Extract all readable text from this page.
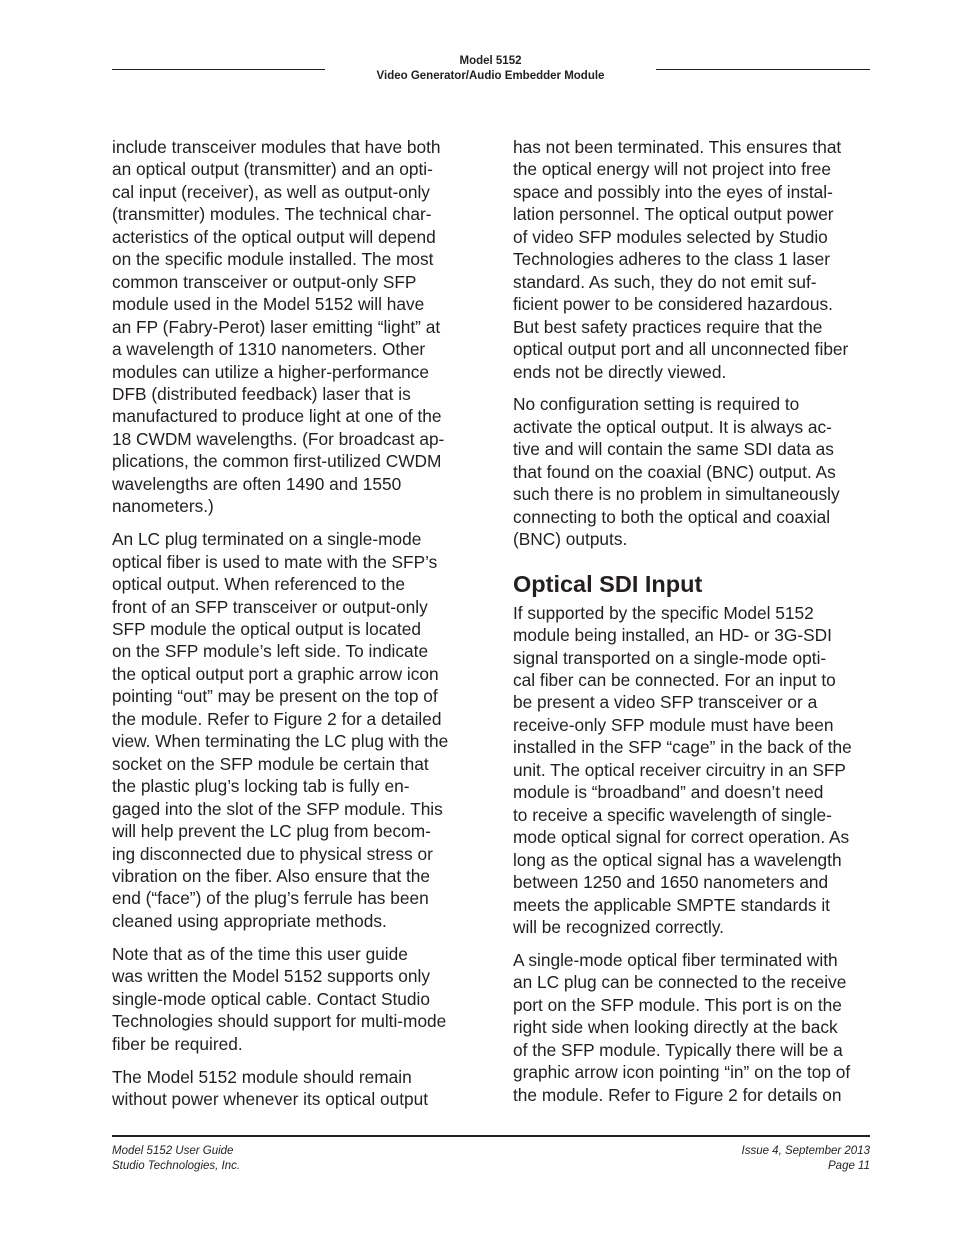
Model 5152
Video Generator/Audio Embedder Module

include transceiver modules that have both
an optical output (transmitter) and an opti-
cal input (receiver), as well as output-only
(transmitter) modules. The technical char-
acteristics of the optical output will depend
on the specific module installed. The most
common transceiver or output-only SFP
module used in the Model 5152 will have
an FP (Fabry-Perot) laser emitting “light” at
a wavelength of 1310 nanometers. Other
modules can utilize a higher-performance
DFB (distributed feedback) laser that is
manufactured to produce light at one of the
18 CWDM wavelengths. (For broadcast ap-
plications, the common first-utilized CWDM
wavelengths are often 1490 and 1550
nanometers.)

An LC plug terminated on a single-mode
optical fiber is used to mate with the SFP’s
optical output. When referenced to the
front of an SFP transceiver or output-only
SFP module the optical output is located
on the SFP module’s left side. To indicate
the optical output port a graphic arrow icon
pointing “out” may be present on the top of
the module. Refer to Figure 2 for a detailed
view. When terminating the LC plug with the
socket on the SFP module be certain that
the plastic plug’s locking tab is fully en-
gaged into the slot of the SFP module. This
will help prevent the LC plug from becom-
ing disconnected due to physical stress or
vibration on the fiber. Also ensure that the
end (“face”) of the plug’s ferrule has been
cleaned using appropriate methods.

Note that as of the time this user guide
was written the Model 5152 supports only
single-mode optical cable. Contact Studio
Technologies should support for multi-mode
fiber be required.

The Model 5152 module should remain
without power whenever its optical output

has not been terminated. This ensures that
the optical energy will not project into free
space and possibly into the eyes of instal-
lation personnel. The optical output power
of video SFP modules selected by Studio
Technologies adheres to the class 1 laser
standard. As such, they do not emit suf-
ficient power to be considered hazardous.
But best safety practices require that the
optical output port and all unconnected fiber
ends not be directly viewed.

No configuration setting is required to
activate the optical output. It is always ac-
tive and will contain the same SDI data as
that found on the coaxial (BNC) output. As
such there is no problem in simultaneously
connecting to both the optical and coaxial
(BNC) outputs.

Optical SDI Input

If supported by the specific Model 5152
module being installed, an HD- or 3G-SDI
signal transported on a single-mode opti-
cal fiber can be connected. For an input to
be present a video SFP transceiver or a
receive-only SFP module must have been
installed in the SFP “cage” in the back of the
unit. The optical receiver circuitry in an SFP
module is “broadband” and doesn’t need
to receive a specific wavelength of single-
mode optical signal for correct operation. As
long as the optical signal has a wavelength
between 1250 and 1650 nanometers and
meets the applicable SMPTE standards it
will be recognized correctly.

A single-mode optical fiber terminated with
an LC plug can be connected to the receive
port on the SFP module. This port is on the
right side when looking directly at the back
of the SFP module. Typically there will be a
graphic arrow icon pointing “in” on the top of
the module. Refer to Figure 2 for details on

Model 5152 User Guide
Studio Technologies, Inc.
Issue 4, September 2013
Page 11
